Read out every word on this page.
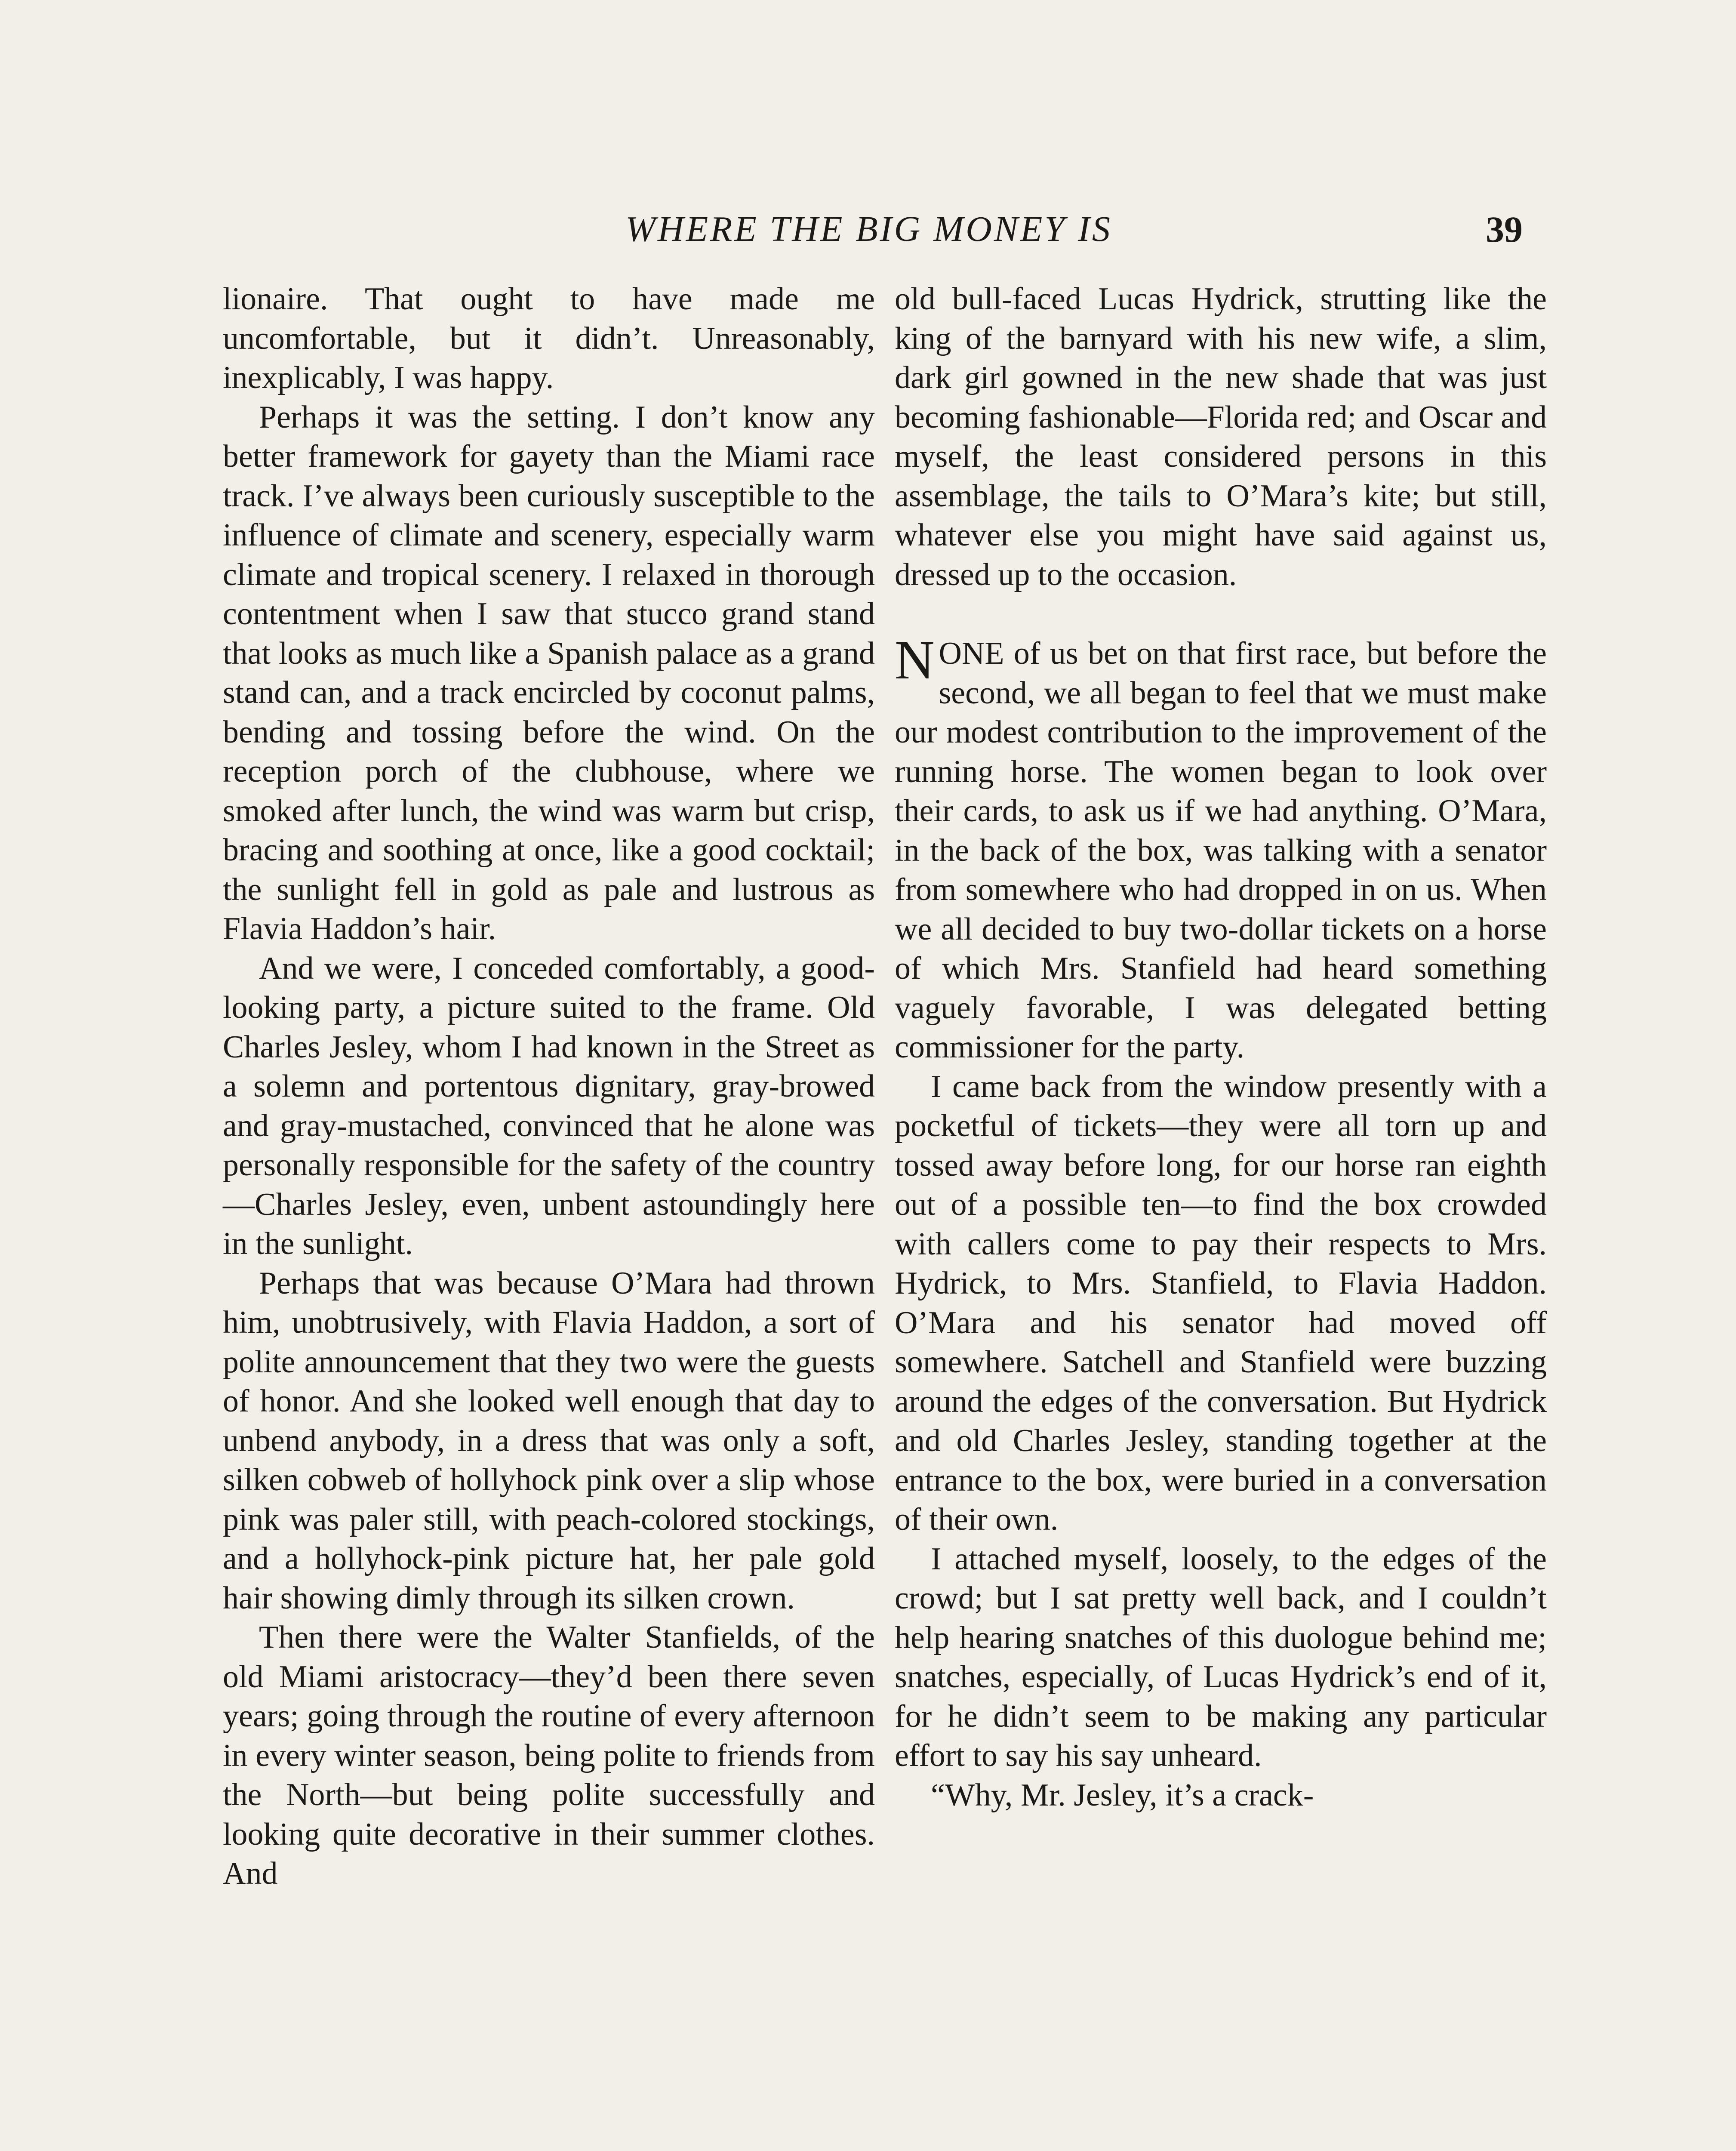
WHERE THE BIG MONEY IS	39

lionaire. That ought to have made me uncomfortable, but it didn’t. Unreasonably, inexplicably, I was happy.

Perhaps it was the setting. I don’t know any better framework for gayety than the Miami race track. I’ve always been curiously susceptible to the influence of climate and scenery, especially warm climate and tropical scenery. I relaxed in thorough contentment when I saw that stucco grand stand that looks as much like a Spanish palace as a grand stand can, and a track encircled by coconut palms, bending and tossing before the wind. On the reception porch of the clubhouse, where we smoked after lunch, the wind was warm but crisp, bracing and soothing at once, like a good cocktail; the sunlight fell in gold as pale and lustrous as Flavia Haddon’s hair.

And we were, I conceded comfortably, a good-looking party, a picture suited to the frame. Old Charles Jesley, whom I had known in the Street as a solemn and portentous dignitary, gray-browed and gray-mustached, convinced that he alone was personally responsible for the safety of the country —Charles Jesley, even, unbent astoundingly here in the sunlight.

Perhaps that was because O’Mara had thrown him, unobtrusively, with Flavia Haddon, a sort of polite announcement that they two were the guests of honor. And she looked well enough that day to unbend anybody, in a dress that was only a soft, silken cobweb of hollyhock pink over a slip whose pink was paler still, with peach-colored stockings, and a hollyhock-pink picture hat, her pale gold hair showing dimly through its silken crown.

Then there were the Walter Stanfields, of the old Miami aristocracy—they’d been there seven years; going through the routine of every afternoon in every winter season, being polite to friends from the North—but being polite successfully and looking quite decorative in their summer clothes. And

old bull-faced Lucas Hydrick, strutting like the king of the barnyard with his new wife, a slim, dark girl gowned in the new shade that was just becoming fashionable—Florida red; and Oscar and myself, the least considered persons in this assemblage, the tails to O’Mara’s kite; but still, whatever else you might have said against us, dressed up to the occasion.

NONE of us bet on that first race, but before the second, we all began to feel that we must make our modest contribution to the improvement of the running horse. The women began to look over their cards, to ask us if we had anything. O’Mara, in the back of the box, was talking with a senator from somewhere who had dropped in on us. When we all decided to buy two-dollar tickets on a horse of which Mrs. Stanfield had heard something vaguely favorable, I was delegated betting commissioner for the party.

I came back from the window presently with a pocketful of tickets—they were all torn up and tossed away before long, for our horse ran eighth out of a possible ten—to find the box crowded with callers come to pay their respects to Mrs. Hydrick, to Mrs. Stanfield, to Flavia Haddon. O’Mara and his senator had moved off somewhere. Satchell and Stanfield were buzzing around the edges of the conversation. But Hydrick and old Charles Jesley, standing together at the entrance to the box, were buried in a conversation of their own.

I attached myself, loosely, to the edges of the crowd; but I sat pretty well back, and I couldn’t help hearing snatches of this duologue behind me; snatches, especially, of Lucas Hydrick’s end of it, for he didn’t seem to be making any particular effort to say his say unheard.

“Why, Mr. Jesley, it’s a crack-
